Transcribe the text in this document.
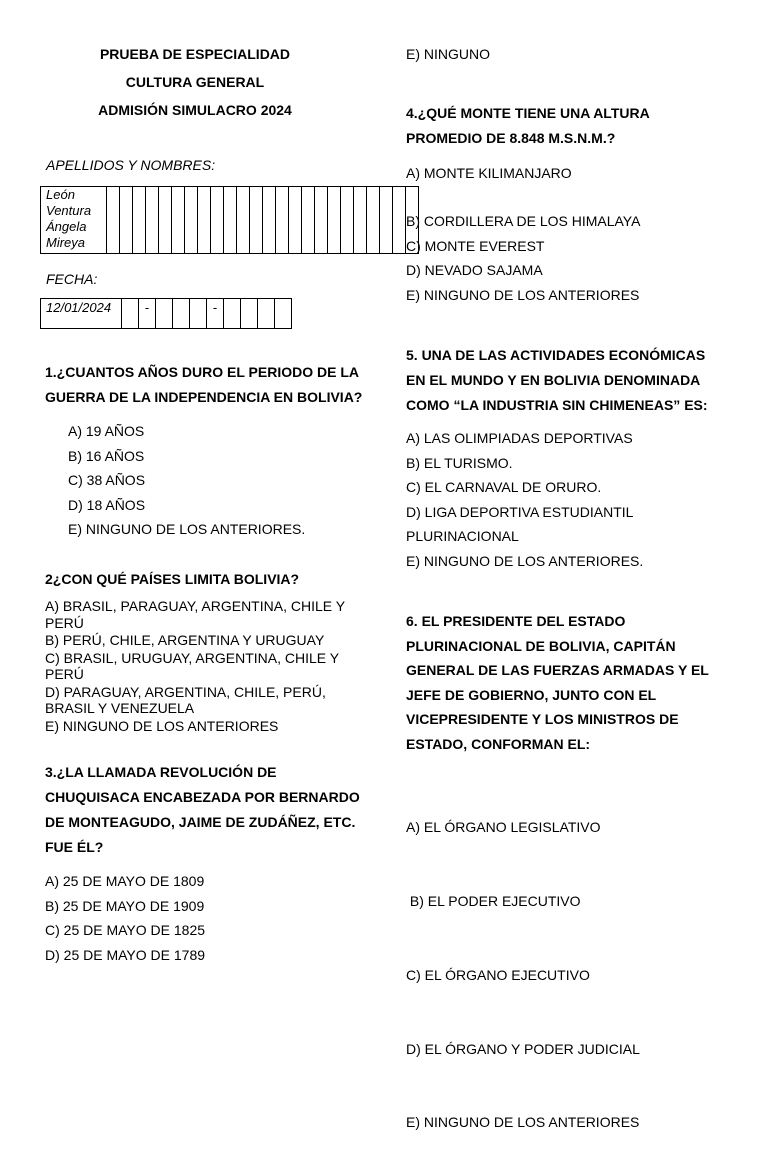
PRUEBA DE ESPECIALIDAD
CULTURA GENERAL
ADMISIÓN SIMULACRO 2024
APELLIDOS Y NOMBRES:
León
Ventura
Ángela
Mireya

FECHA:
12/01/2024		-				-				
1.¿CUANTOS AÑOS DURO EL PERIODO DE LA
GUERRA DE LA INDEPENDENCIA EN BOLIVIA?
A) 19 AÑOS
B) 16 AÑOS
C) 38 AÑOS
D) 18 AÑOS
E) NINGUNO DE LOS ANTERIORES.
2¿CON QUÉ PAÍSES LIMITA BOLIVIA?
A) BRASIL, PARAGUAY, ARGENTINA, CHILE Y
PERÚ
B) PERÚ, CHILE, ARGENTINA Y URUGUAY
C) BRASIL, URUGUAY, ARGENTINA, CHILE Y
PERÚ
D) PARAGUAY, ARGENTINA, CHILE, PERÚ,
BRASIL Y VENEZUELA
E) NINGUNO DE LOS ANTERIORES
3.¿LA LLAMADA REVOLUCIÓN DE
CHUQUISACA ENCABEZADA POR BERNARDO
DE MONTEAGUDO, JAIME DE ZUDÁÑEZ, ETC.
FUE ÉL?
A) 25 DE MAYO DE 1809
B) 25 DE MAYO DE 1909
C) 25 DE MAYO DE 1825
D) 25 DE MAYO DE 1789
E) NINGUNO
4.¿QUÉ MONTE TIENE UNA ALTURA
PROMEDIO DE 8.848 M.S.N.M.?
A) MONTE KILIMANJARO
B) CORDILLERA DE LOS HIMALAYA
C) MONTE EVEREST
D) NEVADO SAJAMA
E) NINGUNO DE LOS ANTERIORES
5. UNA DE LAS ACTIVIDADES ECONÓMICAS
EN EL MUNDO Y EN BOLIVIA DENOMINADA
COMO “LA INDUSTRIA SIN CHIMENEAS” ES:
A) LAS OLIMPIADAS DEPORTIVAS
B) EL TURISMO.
C) EL CARNAVAL DE ORURO.
D) LIGA DEPORTIVA ESTUDIANTIL
PLURINACIONAL
E) NINGUNO DE LOS ANTERIORES.
6. EL PRESIDENTE DEL ESTADO
PLURINACIONAL DE BOLIVIA, CAPITÁN
GENERAL DE LAS FUERZAS ARMADAS Y EL
JEFE DE GOBIERNO, JUNTO CON EL
VICEPRESIDENTE Y LOS MINISTROS DE
ESTADO, CONFORMAN EL:

A) EL ÓRGANO LEGISLATIVO

B) EL PODER EJECUTIVO

C) EL ÓRGANO EJECUTIVO

D) EL ÓRGANO Y PODER JUDICIAL

E) NINGUNO DE LOS ANTERIORES
